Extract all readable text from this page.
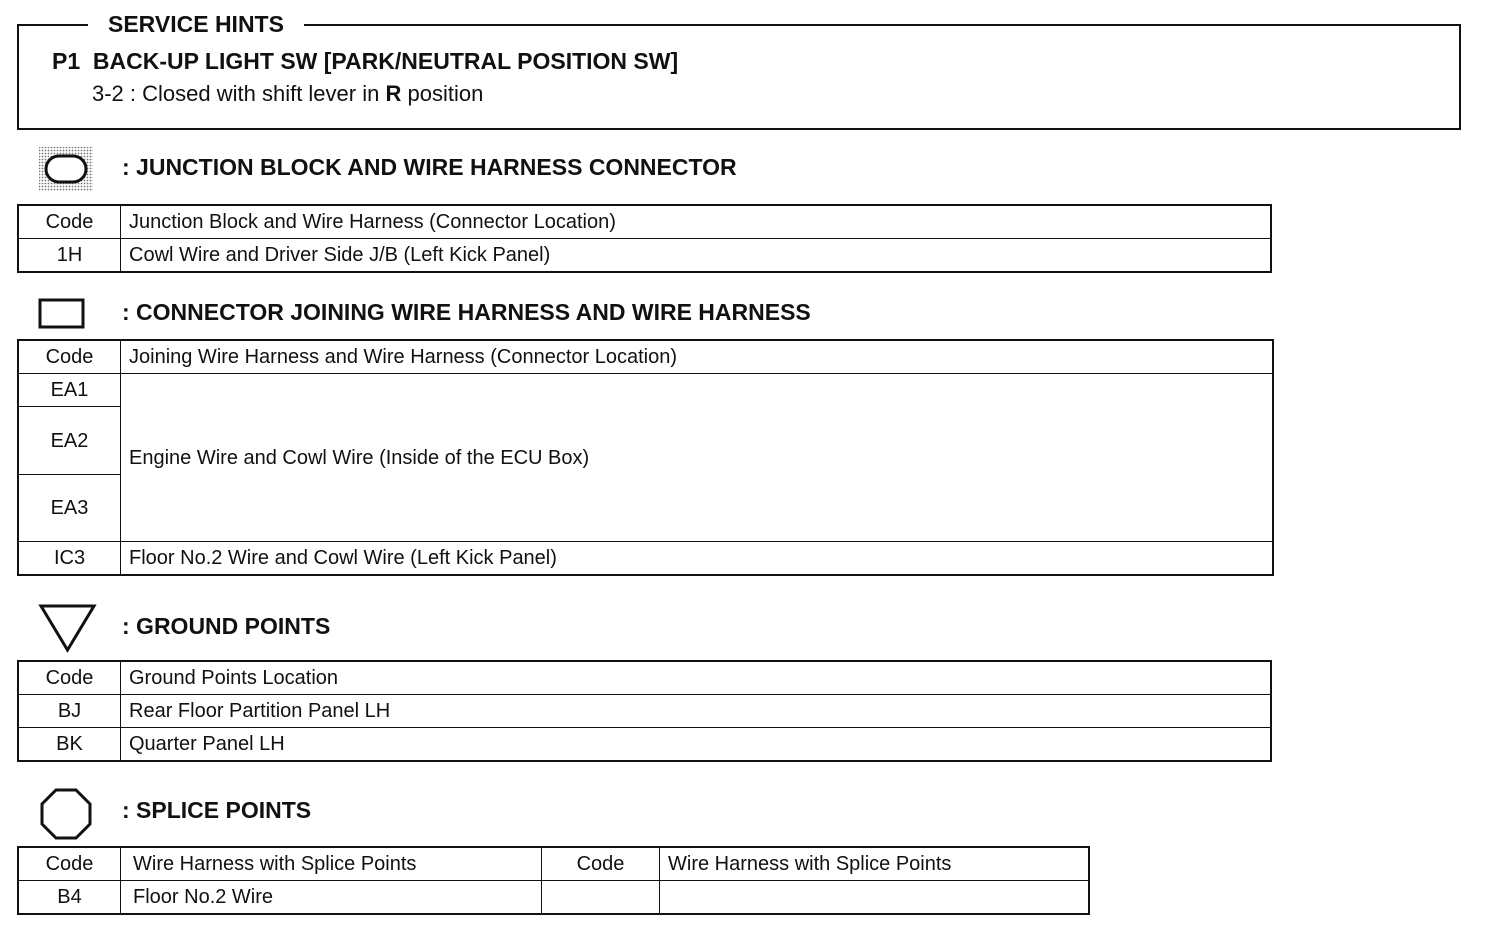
SERVICE HINTS
P1  BACK-UP LIGHT SW [PARK/NEUTRAL POSITION SW]
3-2 : Closed with shift lever in R position
: JUNCTION BLOCK AND WIRE HARNESS CONNECTOR
Code	Junction Block and Wire Harness (Connector Location)
1H	Cowl Wire and Driver Side J/B (Left Kick Panel)
: CONNECTOR JOINING WIRE HARNESS AND WIRE HARNESS
Code	Joining Wire Harness and Wire Harness (Connector Location)
EA1	Engine Wire and Cowl Wire (Inside of the ECU Box)
EA2	
EA3	
IC3	Floor No.2 Wire and Cowl Wire (Left Kick Panel)
: GROUND POINTS
Code	Ground Points Location
BJ	Rear Floor Partition Panel LH
BK	Quarter Panel LH
: SPLICE POINTS
Code	Wire Harness with Splice Points	Code	Wire Harness with Splice Points
B4	Floor No.2 Wire		
